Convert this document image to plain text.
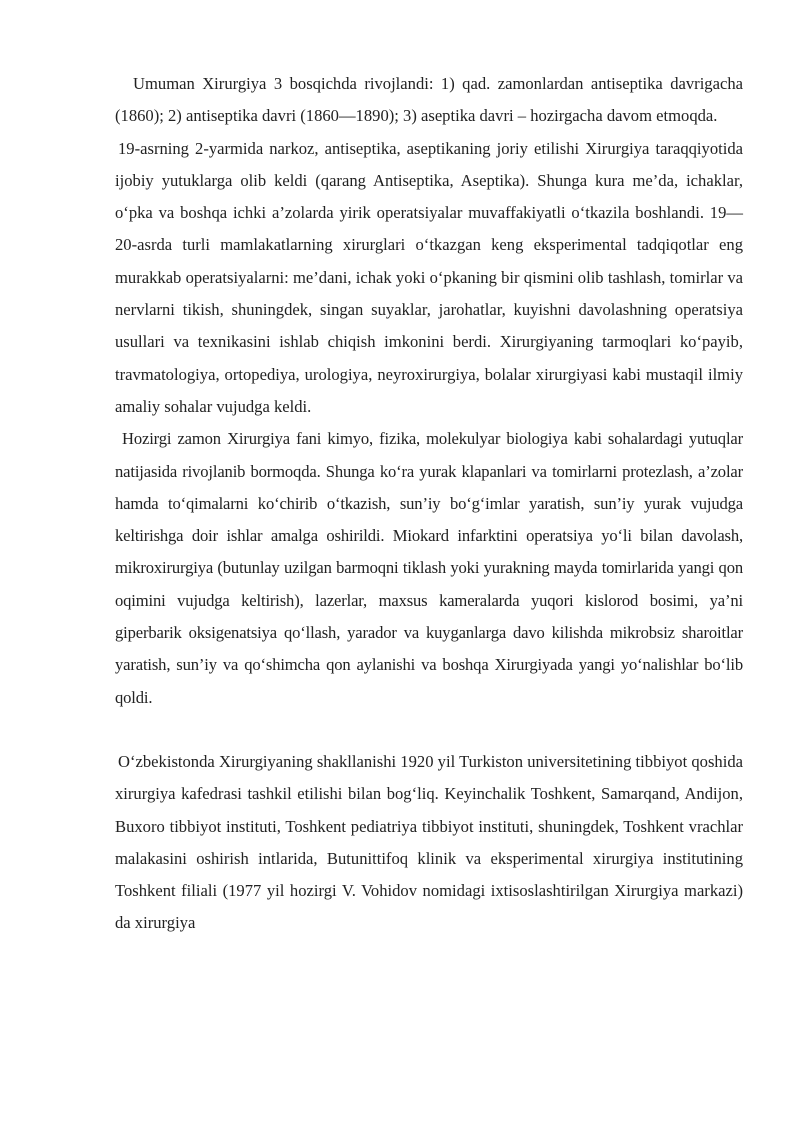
Umuman Xirurgiya 3 bosqichda rivojlandi: 1) qad. zamonlardan antiseptika davrigacha (1860); 2) antiseptika davri (1860—1890); 3) aseptika davri – hozirgacha davom etmoqda.

19-asrning 2-yarmida narkoz, antiseptika, aseptikaning joriy etilishi Xirurgiya taraqqiyotida ijobiy yutuklarga olib keldi (qarang Antiseptika, Aseptika). Shunga kura me’da, ichaklar, o‘pka va boshqa ichki a’zolarda yirik operatsiyalar muvaffakiyatli o‘tkazila boshlandi. 19—20-asrda turli mamlakatlarning xirurglari o‘tkazgan keng eksperimental tadqiqotlar eng murakkab operatsiyalarni: me’dani, ichak yoki o‘pkaning bir qismini olib tashlash, tomirlar va nervlarni tikish, shuningdek, singan suyaklar, jarohatlar, kuyishni davolashning operatsiya usullari va texnikasini ishlab chiqish imkonini berdi. Xirurgiyaning tarmoqlari ko‘payib, travmatologiya, ortopediya, urologiya, neyroxirurgiya, bolalar xirurgiyasi kabi mustaqil ilmiy amaliy sohalar vujudga keldi.

Hozirgi zamon Xirurgiya fani kimyo, fizika, molekulyar biologiya kabi sohalardagi yutuqlar natijasida rivojlanib bormoqda. Shunga ko‘ra yurak klapanlari va tomirlarni protezlash, a’zolar hamda to‘qimalarni ko‘chirib o‘tkazish, sun’iy bo‘g‘imlar yaratish, sun’iy yurak vujudga keltirishga doir ishlar amalga oshirildi. Miokard infarktini operatsiya yo‘li bilan davolash, mikroxirurgiya (butunlay uzilgan barmoqni tiklash yoki yurakning mayda tomirlarida yangi qon oqimini vujudga keltirish), lazerlar, maxsus kameralarda yuqori kislorod bosimi, ya’ni giperbarik oksigenatsiya qo‘llash, yarador va kuyganlarga davo kilishda mikrobsiz sharoitlar yaratish, sun’iy va qo‘shimcha qon aylanishi va boshqa Xirurgiyada yangi yo‘nalishlar bo‘lib qoldi.

O‘zbekistonda Xirurgiyaning shakllanishi 1920 yil Turkiston universitetining tibbiyot qoshida xirurgiya kafedrasi tashkil etilishi bilan bog‘liq. Keyinchalik Toshkent, Samarqand, Andijon, Buxoro tibbiyot instituti, Toshkent pediatriya tibbiyot instituti, shuningdek, Toshkent vrachlar malakasini oshirish intlarida, Butunittifoq klinik va eksperimental xirurgiya institutining Toshkent filiali (1977 yil hozirgi V. Vohidov nomidagi ixtisoslashtirilgan Xirurgiya markazi) da xirurgiya
